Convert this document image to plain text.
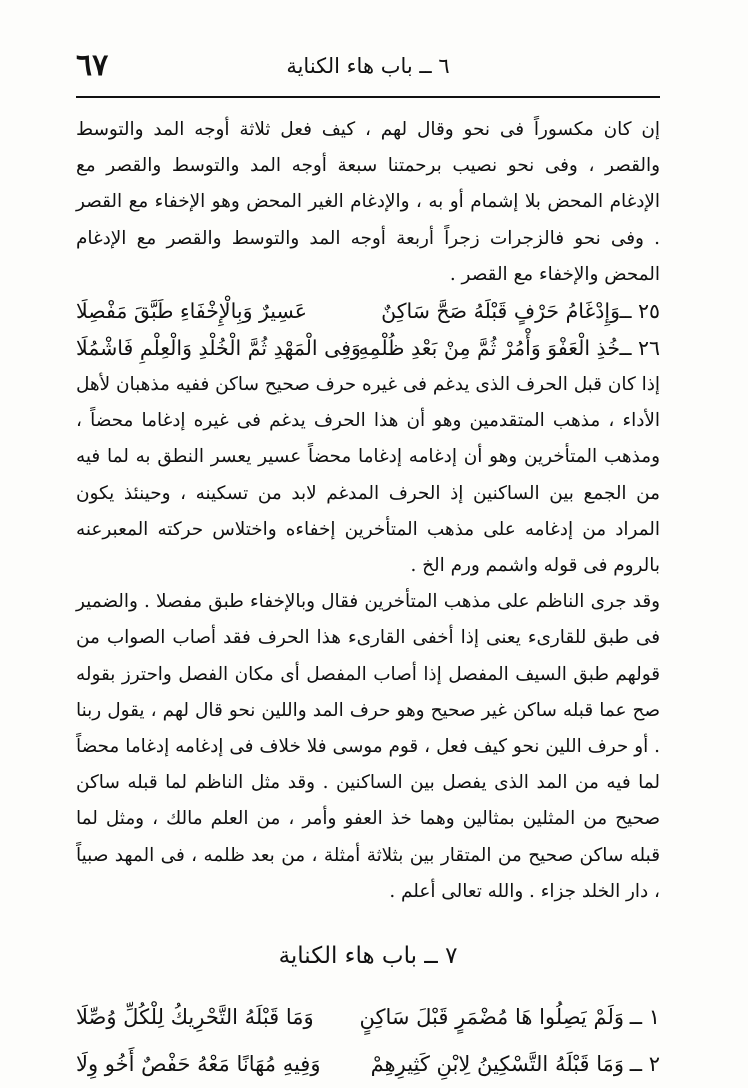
٦٧	٦ ــ باب هاء الكناية

إن كان مكسوراً فى نحو وقال لهم ، كيف فعل ثلاثة أوجه المد والتوسط والقصر ، وفى نحو نصيب برحمتنا سبعة أوجه المد والتوسط والقصر مع الإدغام المحض بلا إشمام أو به ، والإدغام الغير المحض وهو الإخفاء مع القصر . وفى نحو فالزجرات زجراً أربعة أوجه المد والتوسط والقصر مع الإدغام المحض والإخفاء مع القصر .

٢٥ ــ
وَإِدْغَامُ حَرْفٍ قَبْلَهُ صَحَّ سَاكِنٌ
عَسِيرٌ وَبِالْإِخْفَاءِ طَبَّقَ مَفْصِلَا
٢٦ ــ
خُذِ الْعَفْوَ وَأْمُرْ ثُمَّ مِنْ بَعْدِ ظُلْمِهِ
وَفِى الْمَهْدِ ثُمَّ الْخُلْدِ وَالْعِلْمِ فَاشْمُلَا

إذا كان قبل الحرف الذى يدغم فى غيره حرف صحيح ساكن ففيه مذهبان لأهل الأداء ، مذهب المتقدمين وهو أن هذا الحرف يدغم فى غيره إدغاما محضاً ، ومذهب المتأخرين وهو أن إدغامه إدغاما محضاً عسير يعسر النطق به لما فيه من الجمع بين الساكنين إذ الحرف المدغم لابد من تسكينه ، وحينئذ يكون المراد من إدغامه على مذهب المتأخرين إخفاءه واختلاس حركته المعبرعنه بالروم فى قوله واشمم ورم الخ .

وقد جرى الناظم على مذهب المتأخرين فقال وبالإخفاء طبق مفصلا . والضمير فى طبق للقارىء يعنى إذا أخفى القارىء هذا الحرف فقد أصاب الصواب من قولهم طبق السيف المفصل إذا أصاب المفصل أى مكان الفصل واحترز بقوله صح عما قبله ساكن غير صحيح وهو حرف المد واللين نحو قال لهم ، يقول ربنا . أو حرف اللين نحو كيف فعل ، قوم موسى فلا خلاف فى إدغامه إدغاما محضاً لما فيه من المد الذى يفصل بين الساكنين . وقد مثل الناظم لما قبله ساكن صحيح من المثلين بمثالين وهما خذ العفو وأمر ، من العلم مالك ، ومثل لما قبله ساكن صحيح من المتقار بين بثلاثة أمثلة ، من بعد ظلمه ، فى المهد صبياً ، دار الخلد جزاء . والله تعالى أعلم .

٧ ــ باب هاء الكناية
١ ــ
وَلَمْ يَصِلُوا هَا مُضْمَرٍ قَبْلَ سَاكِنٍ
وَمَا قَبْلَهُ التَّحْرِيكُ لِلْكُلِّ وُصِّلَا
٢ ــ
وَمَا قَبْلَهُ التَّسْكِينُ لِابْنِ كَثِيرِهِمْ
وَفِيهِ مُهَانًا مَعْهُ حَفْصٌ أَخُو وِلَا
